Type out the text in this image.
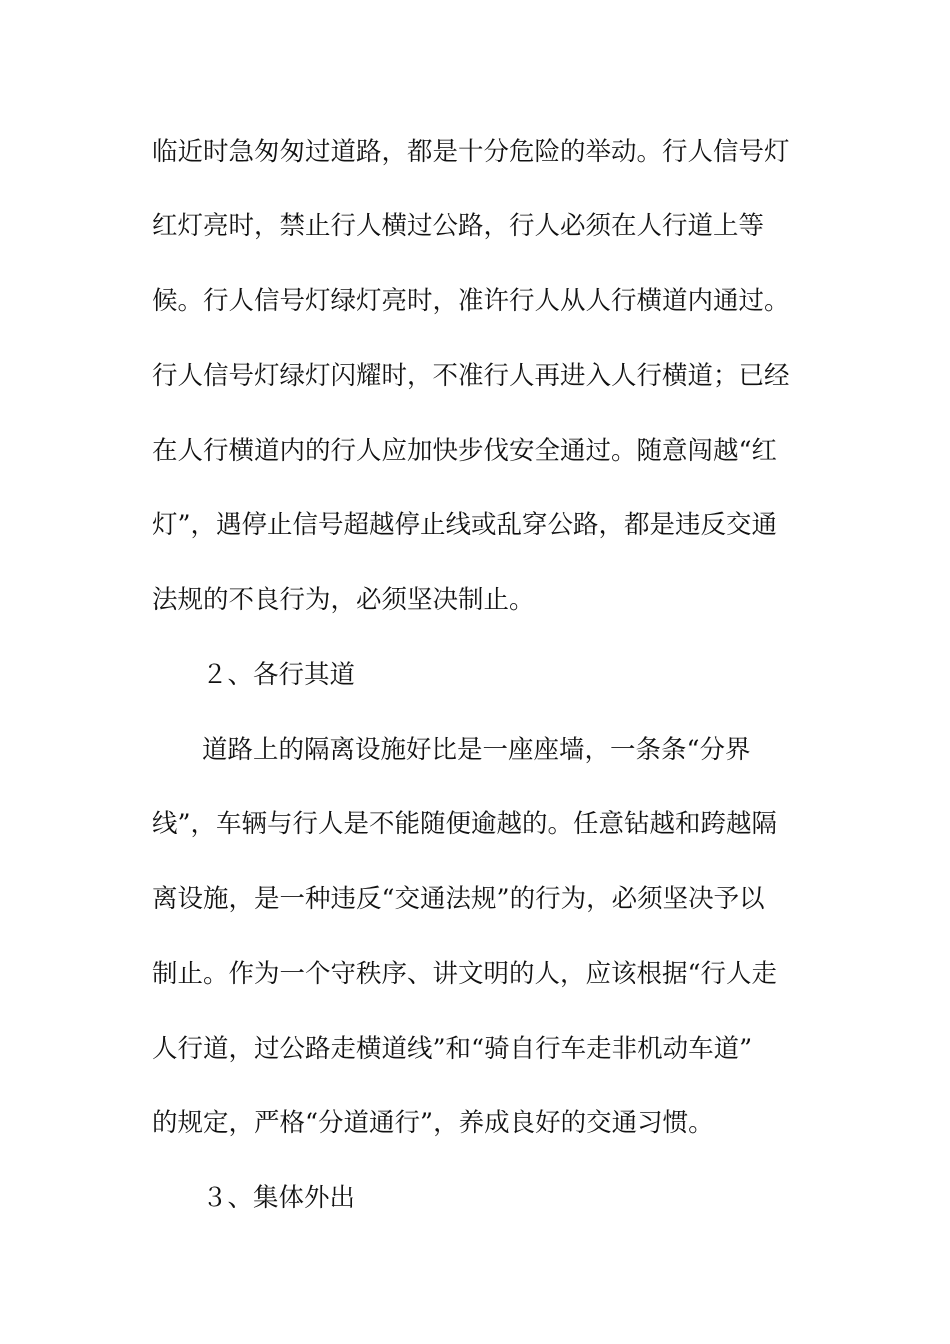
临近时急匆匆过道路，都是十分危险的举动。行人信号灯
红灯亮时，禁止行人横过公路，行人必须在人行道上等
候。行人信号灯绿灯亮时，准许行人从人行横道内通过。
行人信号灯绿灯闪耀时，不准行人再进入人行横道；已经
在人行横道内的行人应加快步伐安全通过。随意闯越“红
灯”，遇停止信号超越停止线或乱穿公路，都是违反交通
法规的不良行为，必须坚决制止。
２、各行其道
道路上的隔离设施好比是一座座墙，一条条“分界
线”，车辆与行人是不能随便逾越的。任意钻越和跨越隔
离设施，是一种违反“交通法规”的行为，必须坚决予以
制止。作为一个守秩序、讲文明的人，应该根据“行人走
人行道，过公路走横道线”和“骑自行车走非机动车道”
的规定，严格“分道通行”，养成良好的交通习惯。
３、集体外出
